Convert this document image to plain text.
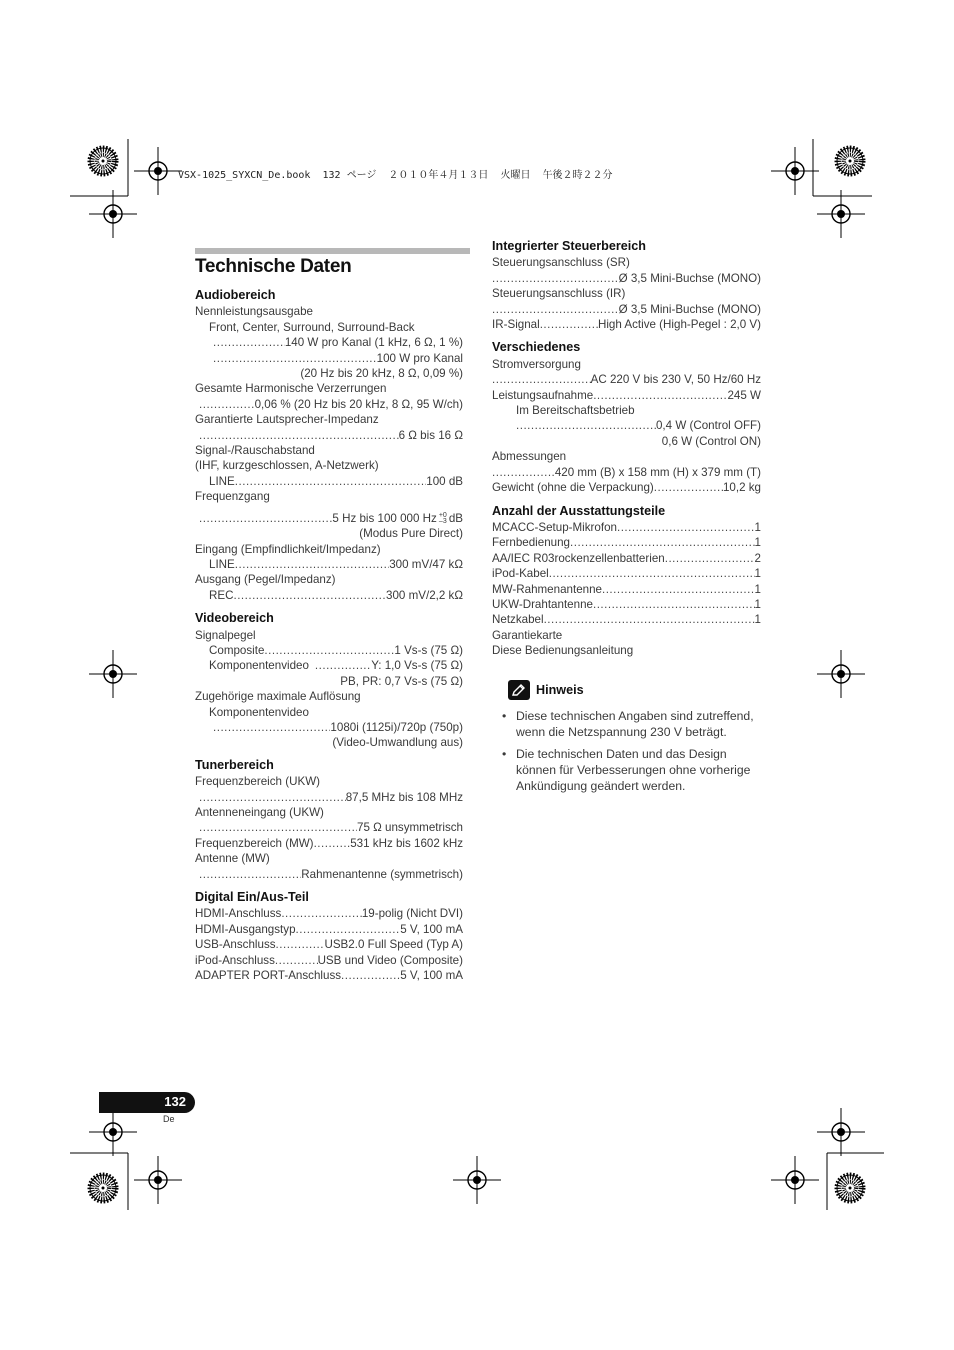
VSX-1025_SYXCN_De.book  132 ページ  ２０１０年４月１３日  火曜日  午後２時２２分
Technische Daten
Audiobereich
Nennleistungsausgabe
Front, Center, Surround, Surround-Back
.....
140 W pro Kanal (1 kHz, 6 Ω, 1 %)
.....
100 W pro Kanal
(20 Hz bis 20 kHz, 8 Ω, 0,09 %)
Gesamte Harmonische Verzerrungen
.....
0,06 % (20 Hz bis 20 kHz, 8 Ω, 95 W/ch)
Garantierte Lautsprecher-Impedanz
.....
6 Ω bis 16 Ω
Signal-/Rauschabstand
(IHF, kurzgeschlossen, A-Netzwerk)
LINE .....	100 dB
Frequenzgang
.....
5 Hz bis 100 000 Hz +0
–3 dB
(Modus Pure Direct)
Eingang (Empfindlichkeit/Impedanz)
LINE .....	300 mV/47 kΩ
Ausgang (Pegel/Impedanz)
REC .....	300 mV/2,2 kΩ
Videobereich
Signalpegel
Composite .....	1 Vs-s (75 Ω)
Komponentenvideo .....	Y: 1,0 Vs-s (75 Ω)
PB, PR: 0,7 Vs-s (75 Ω)
Zugehörige maximale Auflösung
Komponentenvideo
.....
1080i (1125i)/720p (750p)
(Video-Umwandlung aus)
Tunerbereich
Frequenzbereich (UKW)
.....
87,5 MHz bis 108 MHz
Antenneneingang (UKW)
.....
75 Ω unsymmetrisch
Frequenzbereich (MW) .....	531 kHz bis 1602 kHz
Antenne (MW)
.....
Rahmenantenne (symmetrisch)
Digital Ein/Aus-Teil
HDMI-Anschluss .....	19-polig (Nicht DVI)
HDMI-Ausgangstyp .....	5 V, 100 mA
USB-Anschluss .....	USB2.0 Full Speed (Typ A)
iPod-Anschluss .....	USB und Video (Composite)
ADAPTER PORT-Anschluss .....	5 V, 100 mA
Integrierter Steuerbereich
Steuerungsanschluss (SR)
.....
Ø 3,5 Mini-Buchse (MONO)
Steuerungsanschluss (IR)
.....
Ø 3,5 Mini-Buchse (MONO)
IR-Signal .....	High Active (High-Pegel : 2,0 V)
Verschiedenes
Stromversorgung
.....
AC 220 V bis 230 V, 50 Hz/60 Hz
Leistungsaufnahme .....	245 W
Im Bereitschaftsbetrieb
.....
0,4 W (Control OFF)
0,6 W (Control ON)
Abmessungen
.....
420 mm (B) x 158 mm (H) x 379 mm (T)
Gewicht (ohne die Verpackung) .....	10,2 kg
Anzahl der Ausstattungsteile
MCACC-Setup-Mikrofon .....	1
Fernbedienung .....	1
AA/IEC R03rockenzellenbatterien .....	2
iPod-Kabel .....	1
MW-Rahmenantenne .....	1
UKW-Drahtantenne .....	1
Netzkabel .....	1
Garantiekarte
Diese Bedienungsanleitung
Hinweis
• Diese technischen Angaben sind zutreffend, wenn die Netzspannung 230 V beträgt.
• Die technischen Daten und das Design können für Verbesserungen ohne vorherige Ankündigung geändert werden.
132
De
